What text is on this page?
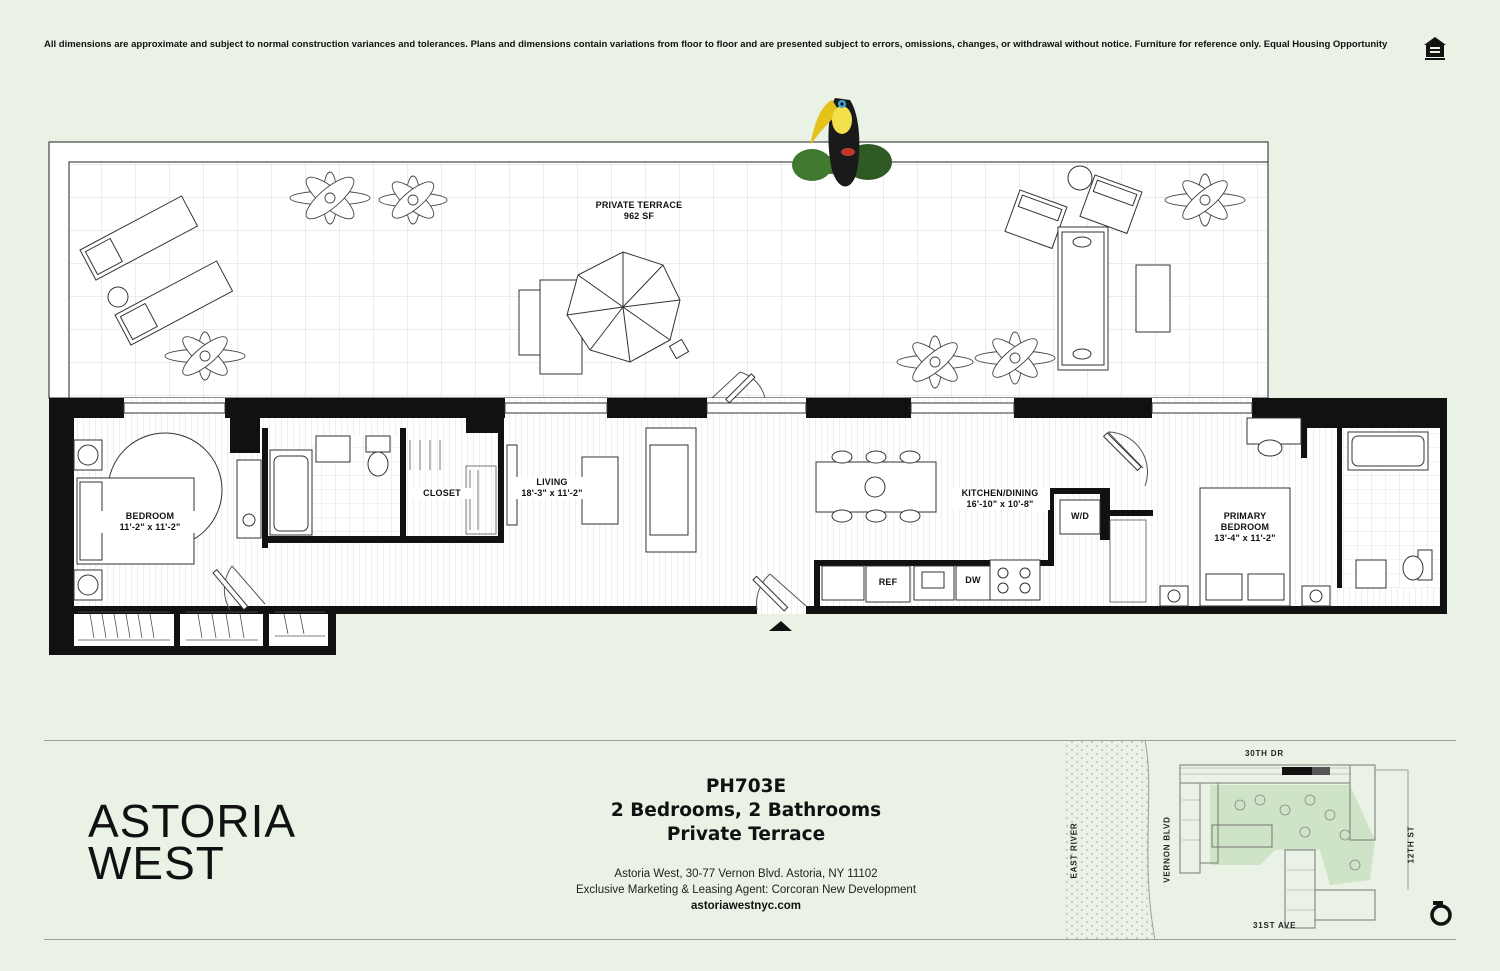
All dimensions are approximate and subject to normal construction variances and tolerances. Plans and dimensions contain variations from floor to floor and are presented subject to errors, omissions, changes, or withdrawal without notice. Furniture for reference only. Equal Housing Opportunity
PRIVATE TERRACE
962 SF
BEDROOM
11'-2" x 11'-2"
CLOSET
LIVING
18'-3" x 11'-2"	KITCHEN/DINING
16'-10" x 10'-8"
W/D
REF	DW
PRIMARY
BEDROOM
13'-4" x 11'-2"
ASTORIA
WEST
PH703E
2 Bedrooms, 2 Bathrooms
Private Terrace
Astoria West, 30-77 Vernon Blvd. Astoria, NY 11102
Exclusive Marketing & Leasing Agent: Corcoran New Development
astoriawestnyc.com
30TH DR
31ST AVE
VERNON BLVD	12TH ST
EAST RIVER
